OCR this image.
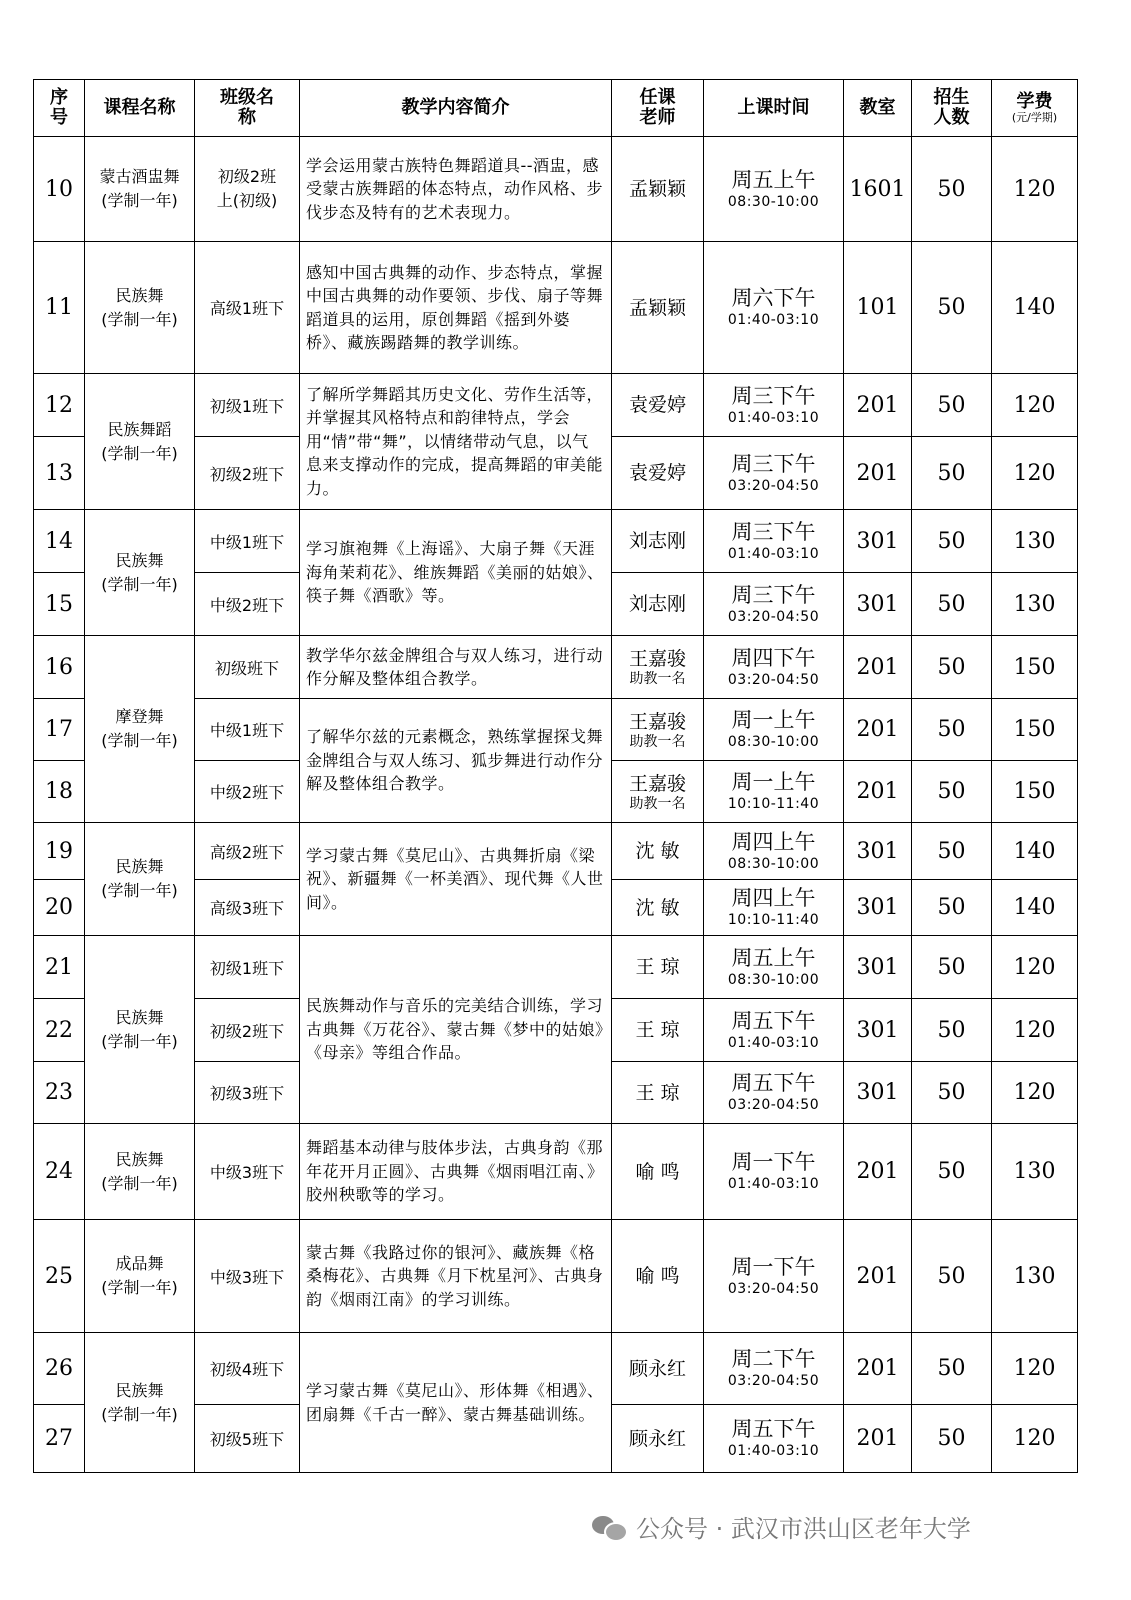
序号	课程名称	班级名称	教学内容简介	任课老师	上课时间	教室	招生人数	学费
(元/学期)

10	蒙古酒盅舞
(学制一年)	初级2班上(初级)	学会运用蒙古族特色舞蹈道具--酒盅，感受蒙古族舞蹈的体态特点，动作风格、步伐步态及特有的艺术表现力。	孟颖颖	周五上午
08:30-10:00	1601	50	120
11	民族舞
(学制一年)	高级1班下	感知中国古典舞的动作、步态特点，掌握中国古典舞的动作要领、步伐、扇子等舞蹈道具的运用，原创舞蹈《摇到外婆桥》、藏族踢踏舞的教学训练。	孟颖颖	周六下午
01:40-03:10	101	50	140
12	民族舞蹈
(学制一年)	初级1班下	了解所学舞蹈其历史文化、劳作生活等，并掌握其风格特点和韵律特点，学会用“情”带“舞”，以情绪带动气息，以气息来支撑动作的完成，提高舞蹈的审美能力。	袁爱婷	周三下午
01:40-03:10	201	50	120
13		初级2班下		袁爱婷	周三下午
03:20-04:50	201	50	120
14	民族舞
(学制一年)	中级1班下	学习旗袍舞《上海谣》、大扇子舞《天涯海角茉莉花》、维族舞蹈《美丽的姑娘》、筷子舞《酒歌》等。	刘志刚	周三下午
01:40-03:10	301	50	130
15		中级2班下		刘志刚	周三下午
03:20-04:50	301	50	130
16	摩登舞
(学制一年)	初级班下	教学华尔兹金牌组合与双人练习，进行动作分解及整体组合教学。	王嘉骏
助教一名	周四下午
03:20-04:50	201	50	150
17		中级1班下	了解华尔兹的元素概念，熟练掌握探戈舞金牌组合与双人练习、狐步舞进行动作分解及整体组合教学。	王嘉骏
助教一名	周一上午
08:30-10:00	201	50	150
18		中级2班下		王嘉骏
助教一名	周一上午
10:10-11:40	201	50	150
19	民族舞
(学制一年)	高级2班下	学习蒙古舞《莫尼山》、古典舞折扇《梁祝》、新疆舞《一杯美酒》、现代舞《人世间》。	沈 敏	周四上午
08:30-10:00	301	50	140
20		高级3班下		沈 敏	周四上午
10:10-11:40	301	50	140
21	民族舞
(学制一年)	初级1班下	民族舞动作与音乐的完美结合训练，学习古典舞《万花谷》、蒙古舞《梦中的姑娘》《母亲》等组合作品。	王 琼	周五上午
08:30-10:00	301	50	120
22		初级2班下		王 琼	周五下午
01:40-03:10	301	50	120
23		初级3班下		王 琼	周五下午
03:20-04:50	301	50	120
24	民族舞
(学制一年)	中级3班下	舞蹈基本动律与肢体步法，古典身韵《那年花开月正圆》、古典舞《烟雨唱江南、》胶州秧歌等的学习。	喻 鸣	周一下午
01:40-03:10	201	50	130
25	成品舞
(学制一年)	中级3班下	蒙古舞《我路过你的银河》、藏族舞《格桑梅花》、古典舞《月下枕星河》、古典身韵《烟雨江南》的学习训练。	喻 鸣	周一下午
03:20-04:50	201	50	130
26	民族舞
(学制一年)	初级4班下	学习蒙古舞《莫尼山》、形体舞《相遇》、团扇舞《千古一醉》、蒙古舞基础训练。	顾永红	周二下午
03:20-04:50	201	50	120
27		初级5班下		顾永红	周五下午
01:40-03:10	201	50	120
公众号 · 武汉市洪山区老年大学
